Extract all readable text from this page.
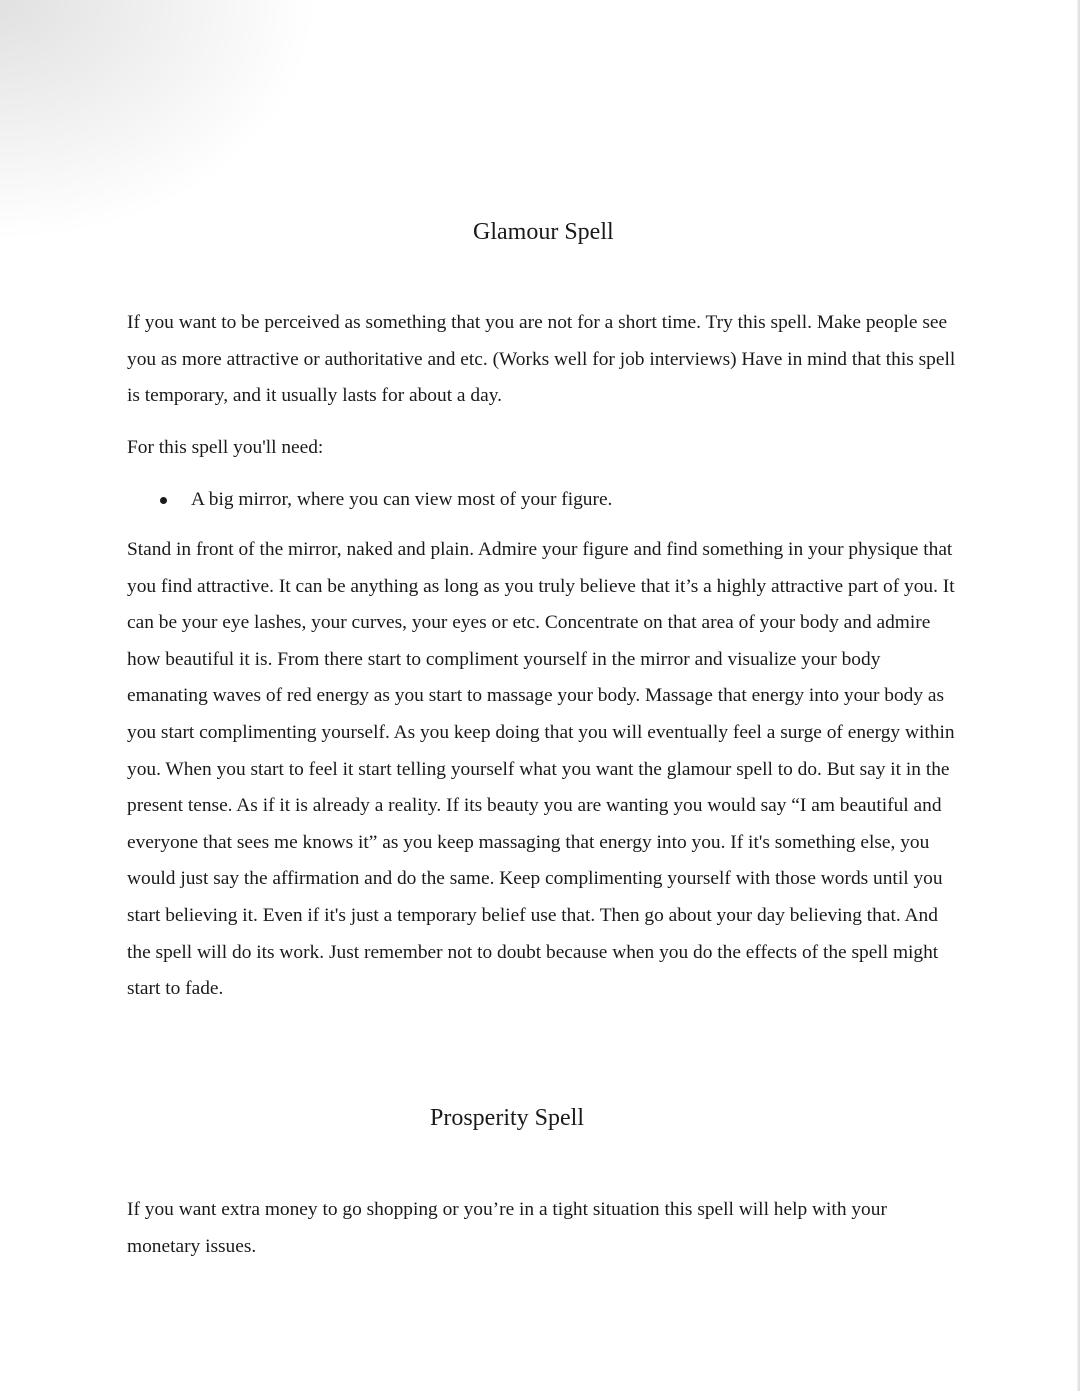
Glamour Spell

If you want to be perceived as something that you are not for a short time. Try this spell. Make people see you as more attractive or authoritative and etc. (Works well for job interviews) Have in mind that this spell is temporary, and it usually lasts for about a day.

For this spell you'll need:

A big mirror, where you can view most of your figure.

Stand in front of the mirror, naked and plain. Admire your figure and find something in your physique that you find attractive. It can be anything as long as you truly believe that it’s a highly attractive part of you. It can be your eye lashes, your curves, your eyes or etc. Concentrate on that area of your body and admire how beautiful it is. From there start to compliment yourself in the mirror and visualize your body emanating waves of red energy as you start to massage your body. Massage that energy into your body as you start complimenting yourself. As you keep doing that you will eventually feel a surge of energy within you. When you start to feel it start telling yourself what you want the glamour spell to do. But say it in the present tense. As if it is already a reality. If its beauty you are wanting you would say “I am beautiful and everyone that sees me knows it” as you keep massaging that energy into you. If it's something else, you would just say the affirmation and do the same. Keep complimenting yourself with those words until you start believing it. Even if it's just a temporary belief use that. Then go about your day believing that. And the spell will do its work. Just remember not to doubt because when you do the effects of the spell might start to fade.

Prosperity Spell

If you want extra money to go shopping or you’re in a tight situation this spell will help with your monetary issues.
